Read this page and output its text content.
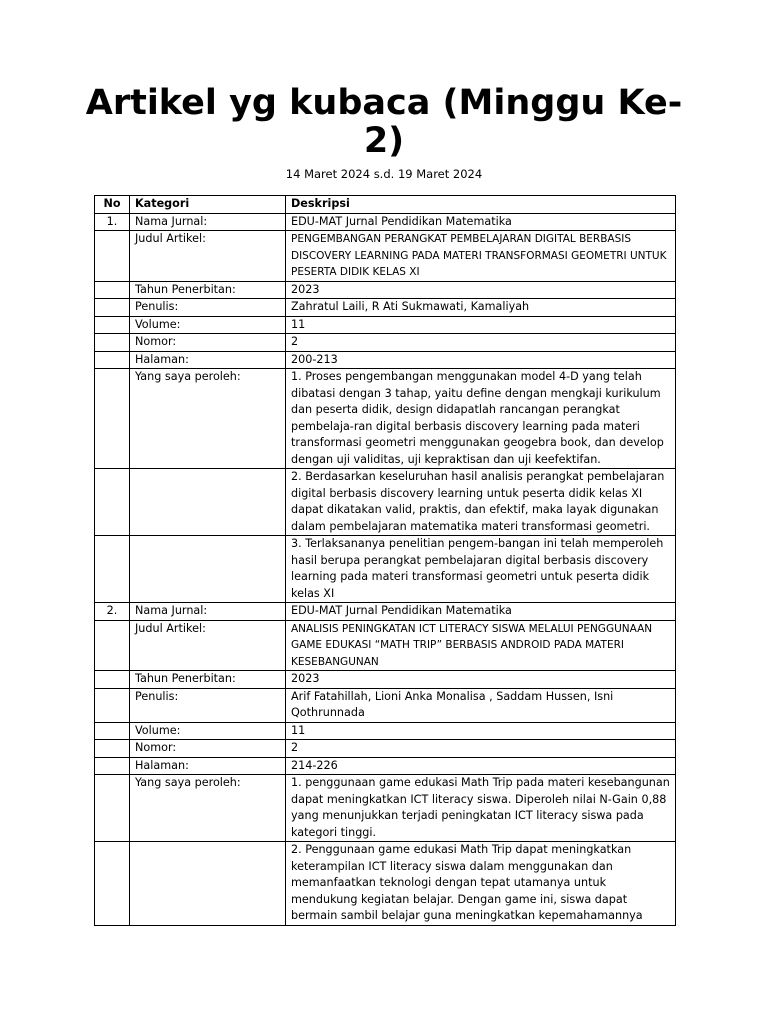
Artikel yg kubaca (Minggu Ke-2)
14 Maret 2024 s.d. 19 Maret 2024
No	Kategori	Deskripsi
1.	Nama Jurnal:	EDU-MAT Jurnal Pendidikan Matematika
	Judul Artikel:	PENGEMBANGAN PERANGKAT PEMBELAJARAN DIGITAL BERBASIS DISCOVERY LEARNING PADA MATERI TRANSFORMASI GEOMETRI UNTUK PESERTA DIDIK KELAS XI
	Tahun Penerbitan:	2023
	Penulis:	Zahratul Laili, R Ati Sukmawati, Kamaliyah
	Volume:	11
	Nomor:	2
	Halaman:	200-213
	Yang saya peroleh:	1. Proses pengembangan menggunakan model 4-D yang telah dibatasi dengan 3 tahap, yaitu define dengan mengkaji kurikulum dan peserta didik, design didapatlah rancangan perangkat pembelaja-ran digital berbasis discovery learning pada materi transformasi geometri menggunakan geogebra book, dan develop dengan uji validitas, uji kepraktisan dan uji keefektifan.
		2. Berdasarkan keseluruhan hasil analisis perangkat pembelajaran digital berbasis discovery learning untuk peserta didik kelas XI dapat dikatakan valid, praktis, dan efektif, maka layak digunakan dalam pembelajaran matematika materi transformasi geometri.
		3. Terlaksananya penelitian pengem-bangan ini telah memperoleh hasil berupa perangkat pembelajaran digital berbasis discovery learning pada materi transformasi geometri untuk peserta didik kelas XI
2.	Nama Jurnal:	EDU-MAT Jurnal Pendidikan Matematika
	Judul Artikel:	ANALISIS PENINGKATAN ICT LITERACY SISWA MELALUI PENGGUNAAN GAME EDUKASI “MATH TRIP” BERBASIS ANDROID PADA MATERI KESEBANGUNAN
	Tahun Penerbitan:	2023
	Penulis:	Arif Fatahillah, Lioni Anka Monalisa , Saddam Hussen, Isni Qothrunnada
	Volume:	11
	Nomor:	2
	Halaman:	214-226
	Yang saya peroleh:	1. penggunaan game edukasi Math Trip pada materi kesebangunan dapat meningkatkan ICT literacy siswa. Diperoleh nilai N-Gain 0,88 yang menunjukkan terjadi peningkatan ICT literacy siswa pada kategori tinggi.
		2. Penggunaan game edukasi Math Trip dapat meningkatkan keterampilan ICT literacy siswa dalam menggunakan dan memanfaatkan teknologi dengan tepat utamanya untuk mendukung kegiatan belajar. Dengan game ini, siswa dapat bermain sambil belajar guna meningkatkan kepemahamannya
